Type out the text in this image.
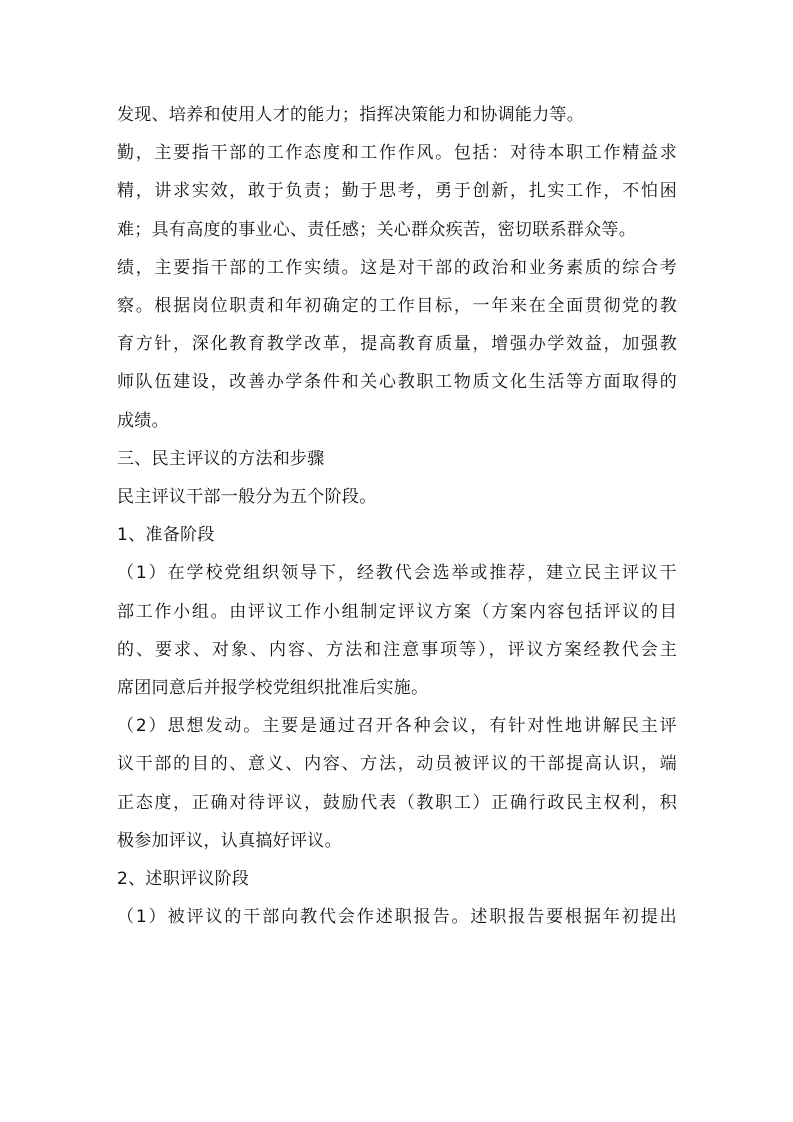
发现、培养和使用人才的能力；指挥决策能力和协调能力等。

勤，主要指干部的工作态度和工作作风。包括：对待本职工作精益求
精，讲求实效，敢于负责；勤于思考，勇于创新，扎实工作，不怕困
难；具有高度的事业心、责任感；关心群众疾苦，密切联系群众等。

绩，主要指干部的工作实绩。这是对干部的政治和业务素质的综合考
察。根据岗位职责和年初确定的工作目标，一年来在全面贯彻党的教
育方针，深化教育教学改革，提高教育质量，增强办学效益，加强教
师队伍建设，改善办学条件和关心教职工物质文化生活等方面取得的
成绩。

三、民主评议的方法和步骤

民主评议干部一般分为五个阶段。

1、准备阶段

（1）在学校党组织领导下，经教代会选举或推荐，建立民主评议干
部工作小组。由评议工作小组制定评议方案（方案内容包括评议的目
的、要求、对象、内容、方法和注意事项等），评议方案经教代会主
席团同意后并报学校党组织批准后实施。

（2）思想发动。主要是通过召开各种会议，有针对性地讲解民主评
议干部的目的、意义、内容、方法，动员被评议的干部提高认识，端
正态度，正确对待评议，鼓励代表（教职工）正确行政民主权利，积
极参加评议，认真搞好评议。

2、述职评议阶段

（1）被评议的干部向教代会作述职报告。述职报告要根据年初提出
